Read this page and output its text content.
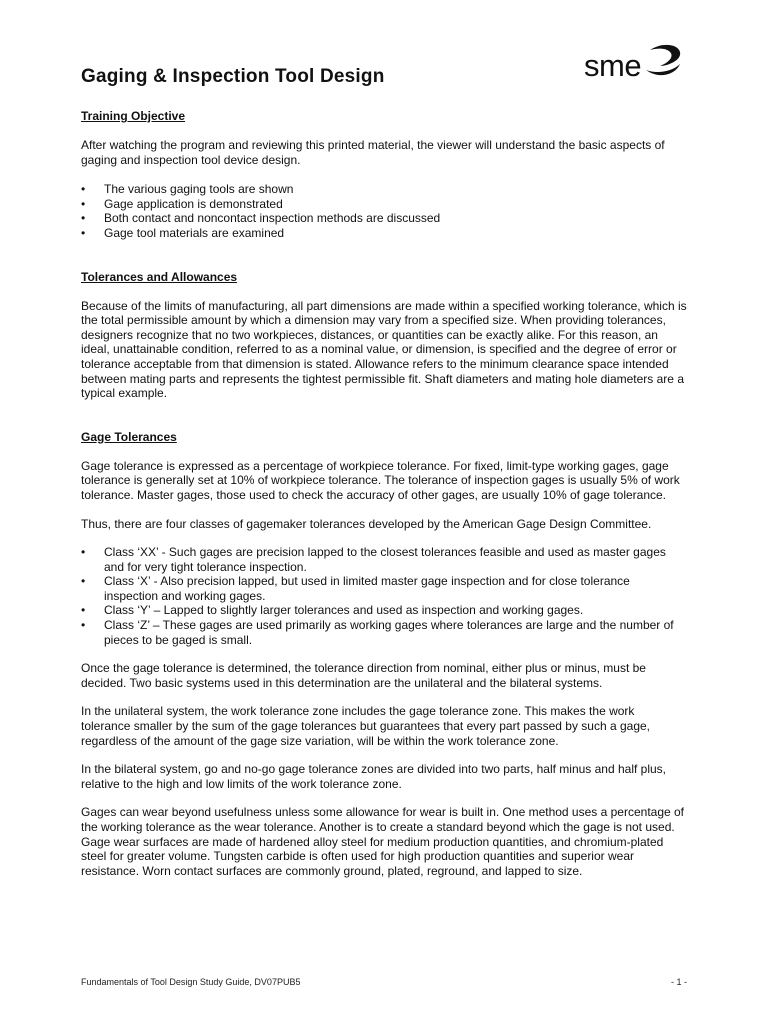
Gaging & Inspection Tool Design	sme
Training Objective

After watching the program and reviewing this printed material, the viewer will understand the basic aspects of gaging and inspection tool device design.

• The various gaging tools are shown
• Gage application is demonstrated
• Both contact and noncontact inspection methods are discussed
• Gage tool materials are examined
Tolerances and Allowances

Because of the limits of manufacturing, all part dimensions are made within a specified working tolerance, which is the total permissible amount by which a dimension may vary from a specified size. When providing tolerances, designers recognize that no two workpieces, distances, or quantities can be exactly alike. For this reason, an ideal, unattainable condition, referred to as a nominal value, or dimension, is specified and the degree of error or tolerance acceptable from that dimension is stated. Allowance refers to the minimum clearance space intended between mating parts and represents the tightest permissible fit. Shaft diameters and mating hole diameters are a typical example.

Gage Tolerances

Gage tolerance is expressed as a percentage of workpiece tolerance. For fixed, limit-type working gages, gage tolerance is generally set at 10% of workpiece tolerance. The tolerance of inspection gages is usually 5% of work tolerance. Master gages, those used to check the accuracy of other gages, are usually 10% of gage tolerance.

Thus, there are four classes of gagemaker tolerances developed by the American Gage Design Committee.

• Class ‘XX’ - Such gages are precision lapped to the closest tolerances feasible and used as master gages and for very tight tolerance inspection.
• Class ‘X’ - Also precision lapped, but used in limited master gage inspection and for close tolerance inspection and working gages.
• Class ‘Y’ – Lapped to slightly larger tolerances and used as inspection and working gages.
• Class ‘Z’ – These gages are used primarily as working gages where tolerances are large and the number of pieces to be gaged is small.

Once the gage tolerance is determined, the tolerance direction from nominal, either plus or minus, must be decided. Two basic systems used in this determination are the unilateral and the bilateral systems.

In the unilateral system, the work tolerance zone includes the gage tolerance zone. This makes the work tolerance smaller by the sum of the gage tolerances but guarantees that every part passed by such a gage, regardless of the amount of the gage size variation, will be within the work tolerance zone.

In the bilateral system, go and no-go gage tolerance zones are divided into two parts, half minus and half plus, relative to the high and low limits of the work tolerance zone.

Gages can wear beyond usefulness unless some allowance for wear is built in. One method uses a percentage of the working tolerance as the wear tolerance. Another is to create a standard beyond which the gage is not used. Gage wear surfaces are made of hardened alloy steel for medium production quantities, and chromium-plated steel for greater volume. Tungsten carbide is often used for high production quantities and superior wear resistance. Worn contact surfaces are commonly ground, plated, reground, and lapped to size.

Fundamentals of Tool Design Study Guide, DV07PUB5	- 1 -
